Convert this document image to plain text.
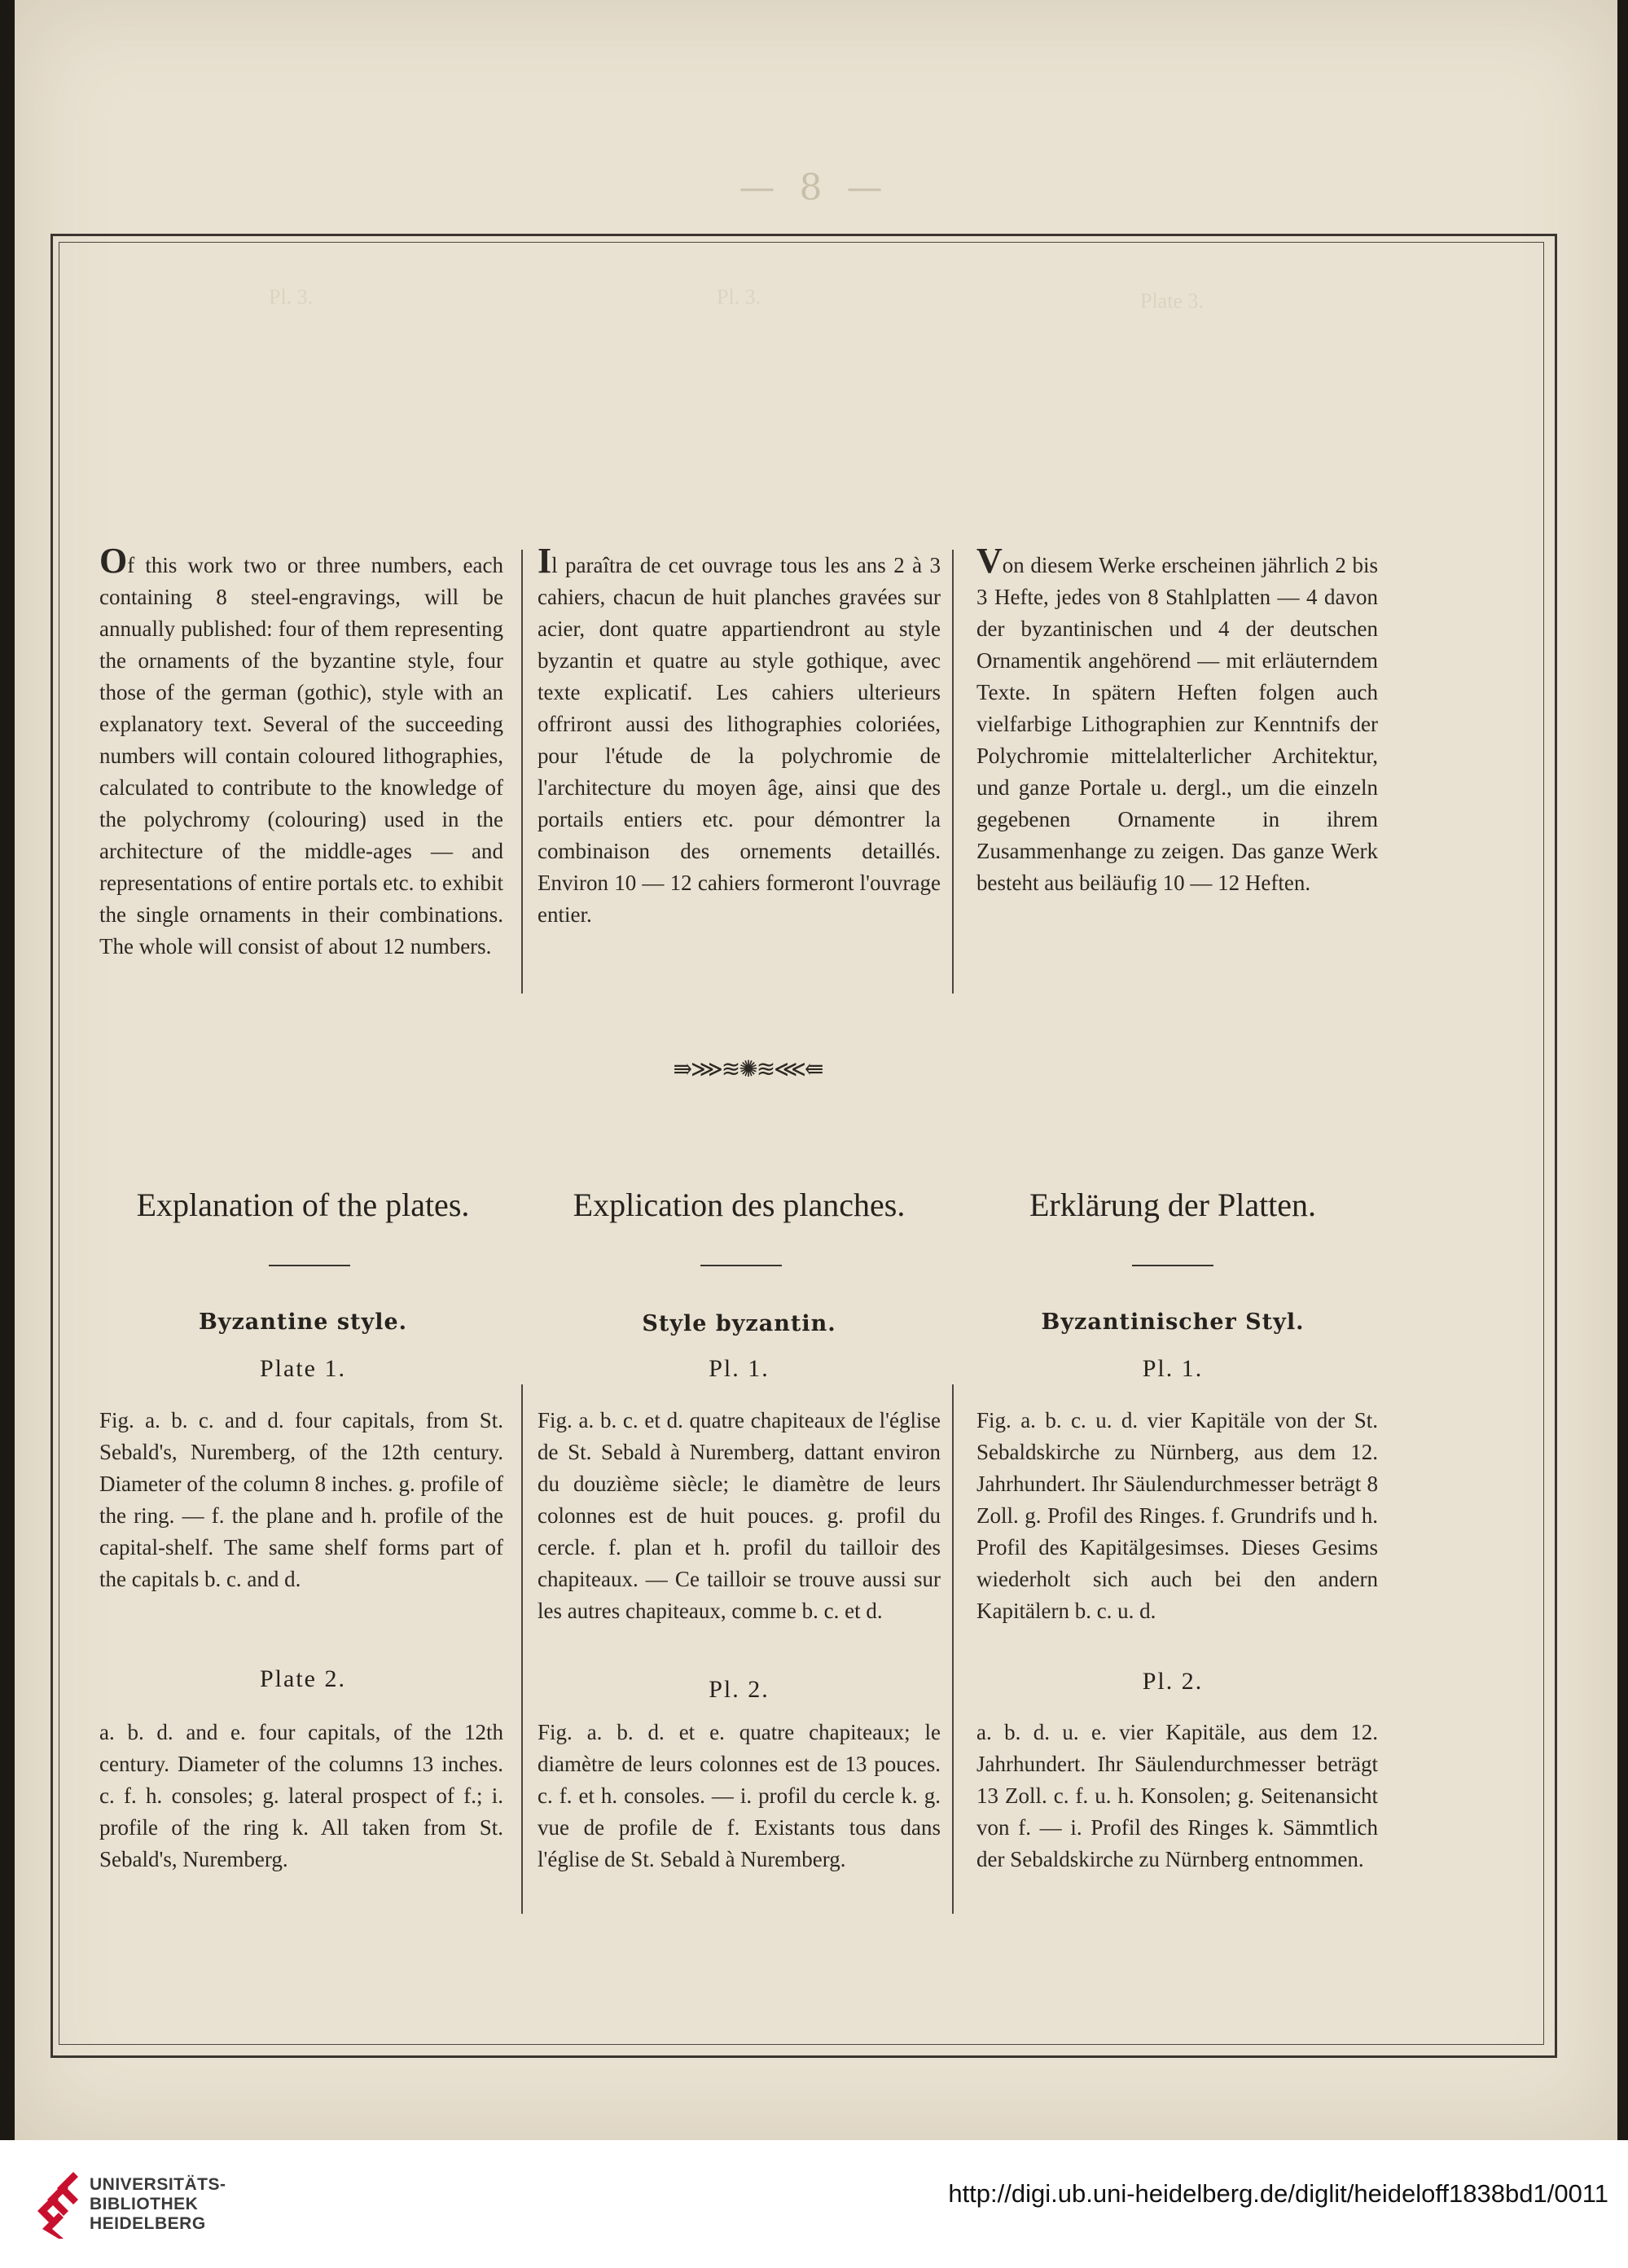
— 8 —
Pl. 3.	Pl. 3.	Plate 3.

Of this work two or three numbers, each containing 8 steel-engravings, will be annually published: four of them representing the ornaments of the byzantine style, four those of the german (gothic), style with an explanatory text. Several of the succeeding numbers will contain coloured lithographies, calculated to contribute to the knowledge of the polychromy (colouring) used in the architecture of the middle-ages — and representations of entire portals etc. to exhibit the single ornaments in their combinations. The whole will consist of about 12 numbers.

Il paraîtra de cet ouvrage tous les ans 2 à 3 cahiers, chacun de huit planches gravées sur acier, dont quatre appartiendront au style byzantin et quatre au style gothique, avec texte explicatif. Les cahiers ulterieurs offriront aussi des lithographies coloriées, pour l'étude de la polychromie de l'architecture du moyen âge, ainsi que des portails entiers etc. pour démontrer la combinaison des ornements detaillés. Environ 10 — 12 cahiers formeront l'ouvrage entier.

Von diesem Werke erscheinen jährlich 2 bis 3 Hefte, jedes von 8 Stahlplatten — 4 davon der byzantinischen und 4 der deutschen Ornamentik angehörend — mit erläuterndem Texte. In spätern Heften folgen auch vielfarbige Lithographien zur Kenntnifs der Polychromie mittelalterlicher Architektur, und ganze Portale u. dergl., um die einzeln gegebenen Ornamente in ihrem Zusammenhange zu zeigen. Das ganze Werk besteht aus beiläufig 10 — 12 Heften.

⇛⋙≋✺≋⋘⇚
Explanation of the plates.	Explication des planches.	Erklärung der Platten.
Byzantine style.	Style byzantin.	Byzantinischer Styl.
Plate 1.	Pl. 1.	Pl. 1.

Fig. a. b. c. and d. four capitals, from St. Sebald's, Nuremberg, of the 12th century. Diameter of the column 8 inches. g. profile of the ring. — f. the plane and h. profile of the capital-shelf. The same shelf forms part of the capitals b. c. and d.

Fig. a. b. c. et d. quatre chapiteaux de l'église de St. Sebald à Nuremberg, dattant environ du douzième siècle; le diamètre de leurs colonnes est de huit pouces. g. profil du cercle. f. plan et h. profil du tailloir des chapiteaux. — Ce tailloir se trouve aussi sur les autres chapiteaux, comme b. c. et d.

Fig. a. b. c. u. d. vier Kapitäle von der St. Sebaldskirche zu Nürnberg, aus dem 12. Jahrhundert. Ihr Säulendurchmesser beträgt 8 Zoll. g. Profil des Ringes. f. Grundrifs und h. Profil des Kapitälgesimses. Dieses Gesims wiederholt sich auch bei den andern Kapitälern b. c. u. d.

Plate 2.	Pl. 2.	Pl. 2.

a. b. d. and e. four capitals, of the 12th century. Diameter of the columns 13 inches. c. f. h. consoles; g. lateral prospect of f.; i. profile of the ring k. All taken from St. Sebald's, Nuremberg.

Fig. a. b. d. et e. quatre chapiteaux; le diamètre de leurs colonnes est de 13 pouces. c. f. et h. consoles. — i. profil du cercle k. g. vue de profile de f. Existants tous dans l'église de St. Sebald à Nuremberg.

a. b. d. u. e. vier Kapitäle, aus dem 12. Jahrhundert. Ihr Säulendurchmesser beträgt 13 Zoll. c. f. u. h. Konsolen; g. Seitenansicht von f. — i. Profil des Ringes k. Sämmtlich der Sebaldskirche zu Nürnberg entnommen.

UNIVERSITÄTS-
BIBLIOTHEK
HEIDELBERG
http://digi.ub.uni-heidelberg.de/diglit/heideloff1838bd1/0011
